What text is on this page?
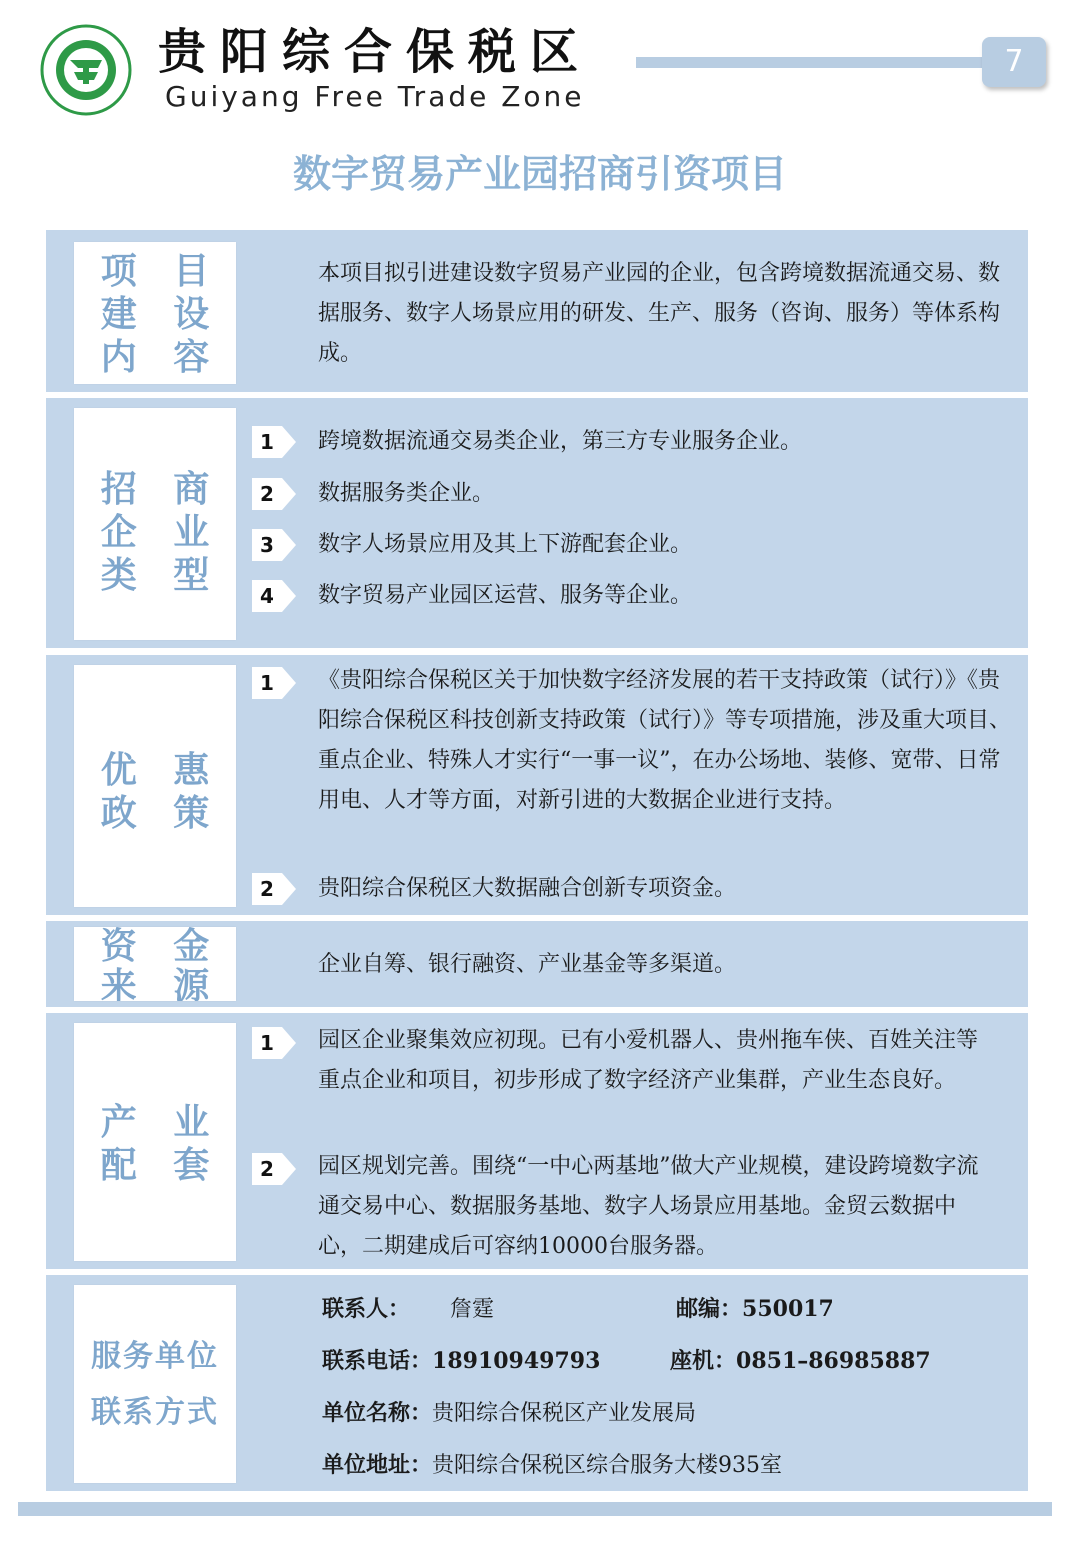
贵阳综合保税区
Guiyang Free Trade Zone
7
数字贸易产业园招商引资项目
项 目
建 设
内 容
本项目拟引进建设数字贸易产业园的企业，包含跨境数据流通交易、数据服务、数字人场景应用的研发、生产、服务（咨询、服务）等体系构成。
招 商
企 业
类 型
1	跨境数据流通交易类企业，第三方专业服务企业。
2	数据服务类企业。
3	数字人场景应用及其上下游配套企业。
4	数字贸易产业园区运营、服务等企业。
优 惠
政 策
1	《贵阳综合保税区关于加快数字经济发展的若干支持政策（试行）》《贵阳综合保税区科技创新支持政策（试行）》等专项措施，涉及重大项目、重点企业、特殊人才实行“一事一议”，在办公场地、装修、宽带、日常用电、人才等方面，对新引进的大数据企业进行支持。
2	贵阳综合保税区大数据融合创新专项资金。
资 金
来 源
企业自筹、银行融资、产业基金等多渠道。
产 业
配 套
1	园区企业聚集效应初现。已有小爱机器人、贵州拖车侠、百姓关注等重点企业和项目，初步形成了数字经济产业集群，产业生态良好。
2	园区规划完善。围绕“一中心两基地”做大产业规模，建设跨境数字流通交易中心、数据服务基地、数字人场景应用基地。金贸云数据中心，二期建成后可容纳10000台服务器。
服务单位
联系方式
联系人： 詹霆	邮编：550017
联系电话：18910949793	座机：0851–86985887
单位名称：贵阳综合保税区产业发展局
单位地址：贵阳综合保税区综合服务大楼935室
